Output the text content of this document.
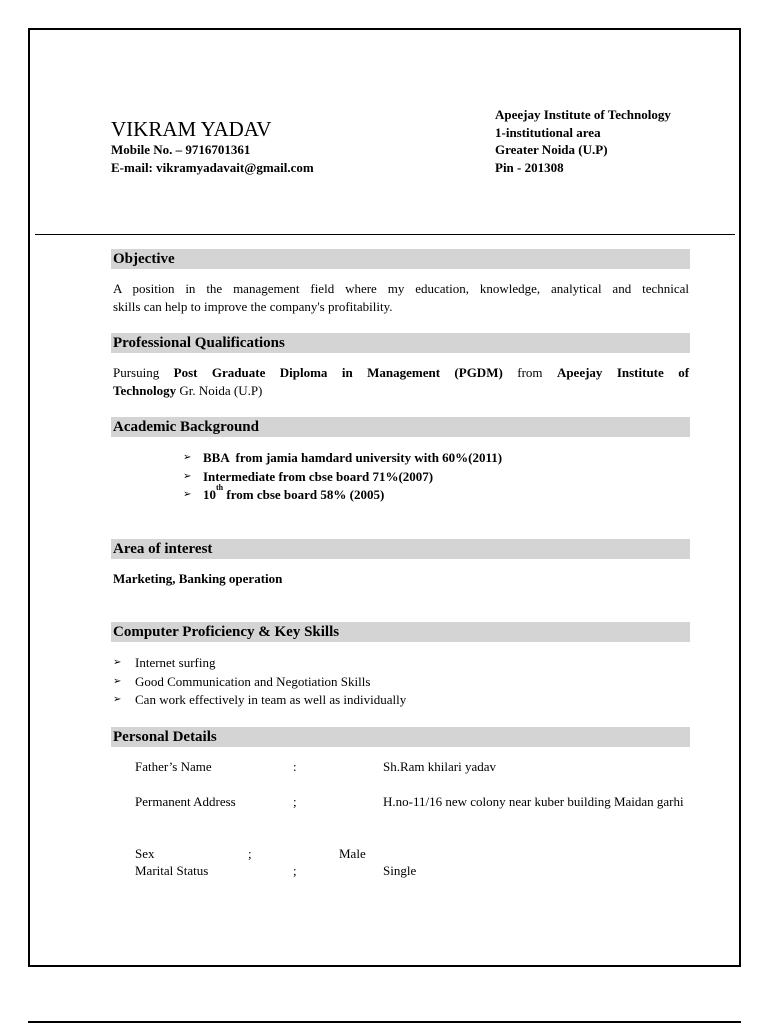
VIKRAM YADAV
Mobile No. – 9716701361
E-mail: vikramyadavait@gmail.com
Apeejay Institute of Technology
1-institutional area
Greater Noida (U.P)
Pin - 201308
Objective
A position in the management field where my education, knowledge, analytical and technical
skills can help to improve the company's profitability.
Professional Qualifications
Pursuing Post Graduate Diploma in Management (PGDM) from Apeejay Institute of
Technology Gr. Noida (U.P)
Academic Background
➢
BBA  from jamia hamdard university with 60%(2011)
➢
Intermediate from cbse board 71%(2007)
➢
10th from cbse board 58% (2005)
Area of interest
Marketing, Banking operation
Computer Proficiency & Key Skills
➢
Internet surfing
➢
Good Communication and Negotiation Skills
➢
Can work effectively in team as well as individually
Personal Details
Father’s Name	:	Sh.Ram khilari yadav
Permanent Address	;	H.no-11/16 new colony near kuber building Maidan garhi
Sex	;	Male
Marital Status	;	Single
